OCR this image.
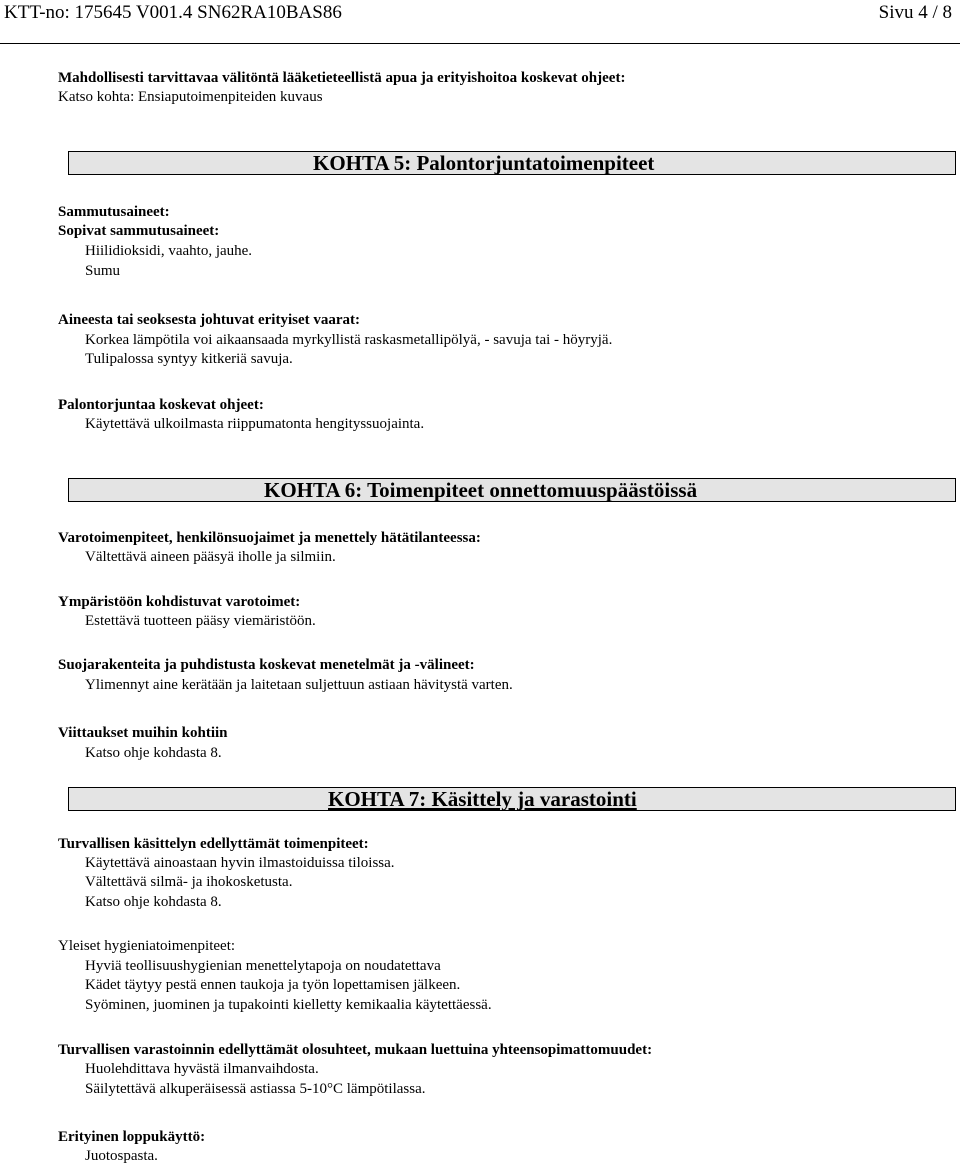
KTT-no: 175645 V001.4 SN62RA10BAS86	Sivu 4 / 8
Mahdollisesti tarvittavaa välitöntä lääketieteellistä apua ja erityishoitoa koskevat ohjeet:
Katso kohta: Ensiaputoimenpiteiden kuvaus
KOHTA 5: Palontorjuntatoimenpiteet
Sammutusaineet:
Sopivat sammutusaineet:
Hiilidioksidi, vaahto, jauhe.
Sumu
Aineesta tai seoksesta johtuvat erityiset vaarat:
Korkea lämpötila voi aikaansaada myrkyllistä raskasmetallipölyä, - savuja tai - höyryjä.
Tulipalossa syntyy kitkeriä savuja.
Palontorjuntaa koskevat ohjeet:
Käytettävä ulkoilmasta riippumatonta hengityssuojainta.
KOHTA 6: Toimenpiteet onnettomuuspäästöissä
Varotoimenpiteet, henkilönsuojaimet ja menettely hätätilanteessa:
Vältettävä aineen pääsyä iholle ja silmiin.
Ympäristöön kohdistuvat varotoimet:
Estettävä tuotteen pääsy viemäristöön.
Suojarakenteita ja puhdistusta koskevat menetelmät ja -välineet:
Ylimennyt aine kerätään ja laitetaan suljettuun astiaan hävitystä varten.
Viittaukset muihin kohtiin
Katso ohje kohdasta 8.
KOHTA 7: Käsittely ja varastointi
Turvallisen käsittelyn edellyttämät toimenpiteet:
Käytettävä ainoastaan hyvin ilmastoiduissa tiloissa.
Vältettävä silmä- ja ihokosketusta.
Katso ohje kohdasta 8.
Yleiset hygieniatoimenpiteet:
Hyviä teollisuushygienian menettelytapoja on noudatettava
Kädet täytyy pestä ennen taukoja ja työn lopettamisen jälkeen.
Syöminen, juominen ja tupakointi kielletty kemikaalia käytettäessä.
Turvallisen varastoinnin edellyttämät olosuhteet, mukaan luettuina yhteensopimattomuudet:
Huolehdittava hyvästä ilmanvaihdosta.
Säilytettävä alkuperäisessä astiassa 5-10°C lämpötilassa.
Erityinen loppukäyttö:
Juotospasta.
